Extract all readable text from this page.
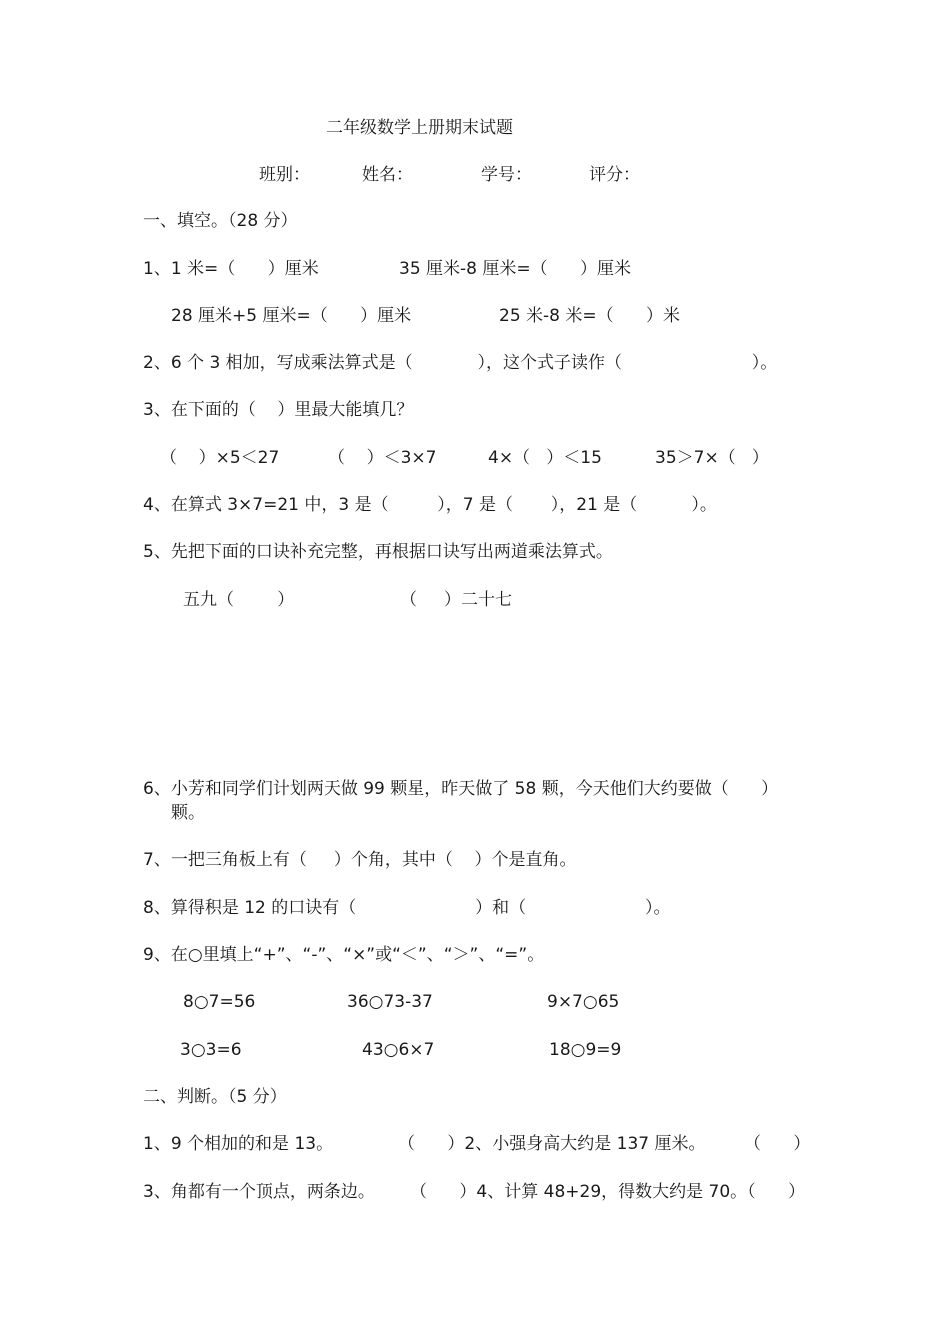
二年级数学上册期末试题
班别：	姓名：	学号：	评分：
一、填空。（28 分）
1、1 米=（      ）厘米	35 厘米-8 厘米=（      ）厘米
28 厘米+5 厘米=（      ）厘米	25 米-8 米=（      ）米
2、6 个 3 相加，写成乘法算式是（            ），这个式子读作（                        ）。
3、在下面的（    ）里最大能填几？
（    ）×5＜27	（    ）＜3×7	4×（   ）＜15	35＞7×（   ）
4、在算式 3×7=21 中，3 是（         ），7 是（       ），21 是（          ）。
5、先把下面的口诀补充完整，再根据口诀写出两道乘法算式。
五九（        ）	（     ）二十七
6、小芳和同学们计划两天做 99 颗星，昨天做了 58 颗，今天他们大约要做（      ）
颗。
7、一把三角板上有（     ）个角，其中（    ）个是直角。
8、算得积是 12 的口诀有（                      ）和（                      ）。
9、在○里填上“+”、“-”、“×”或“＜”、“＞”、“=”。
8○7=56	36○73-37	9×7○65
3○3=6	43○6×7	18○9=9
二、判断。（5 分）
1、9 个相加的和是 13。	（      ）2、小强身高大约是 137 厘米。 （      ）
3、角都有一个顶点，两条边。 （      ）4、计算 48+29，得数大约是 70。（      ）
